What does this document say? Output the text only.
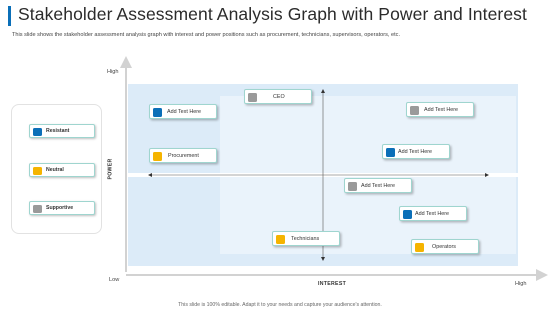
Stakeholder Assessment Analysis Graph with Power and Interest
This slide shows the stakeholder assessment analysis graph with interest and power positions such as procurement, technicians, supervisors, operators, etc.
Resistant
Neutral
Supportive
High
Low
High
INTEREST
POWER
CEO
Add Text Here	Add Text Here
Procurement
Add Text Here
Add Text Here
Add Text Here
Technicians
Operators
This slide is 100% editable. Adapt it to your needs and capture your audience's attention.
